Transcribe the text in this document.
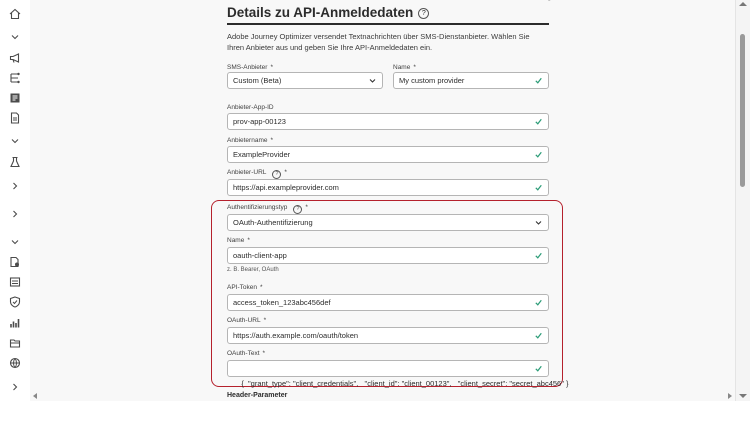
Details zu API-Anmeldedaten ?
Adobe Journey Optimizer versendet Textnachrichten über SMS-Dienstanbieter. Wählen Sie Ihren Anbieter aus und geben Sie Ihre API-Anmeldedaten ein.
SMS-Anbieter *
Custom (Beta)
Name *
My custom provider
Anbieter-App-ID
prov-app-00123
Anbietername *
ExampleProvider
Anbieter-URL ? *
https://api.exampleprovider.com
Authentifizierungstyp ? *
OAuth-Authentifizierung
Name *
oauth-client-app
z. B. Bearer, OAuth
API-Token *
access_token_123abc456def
OAuth-URL *
https://auth.example.com/oauth/token
OAuth-Text *

{  "grant_type": "client_credentials",   "client_id": "client_00123",   "client_secret": "secret_abc456" }

Header-Parameter
